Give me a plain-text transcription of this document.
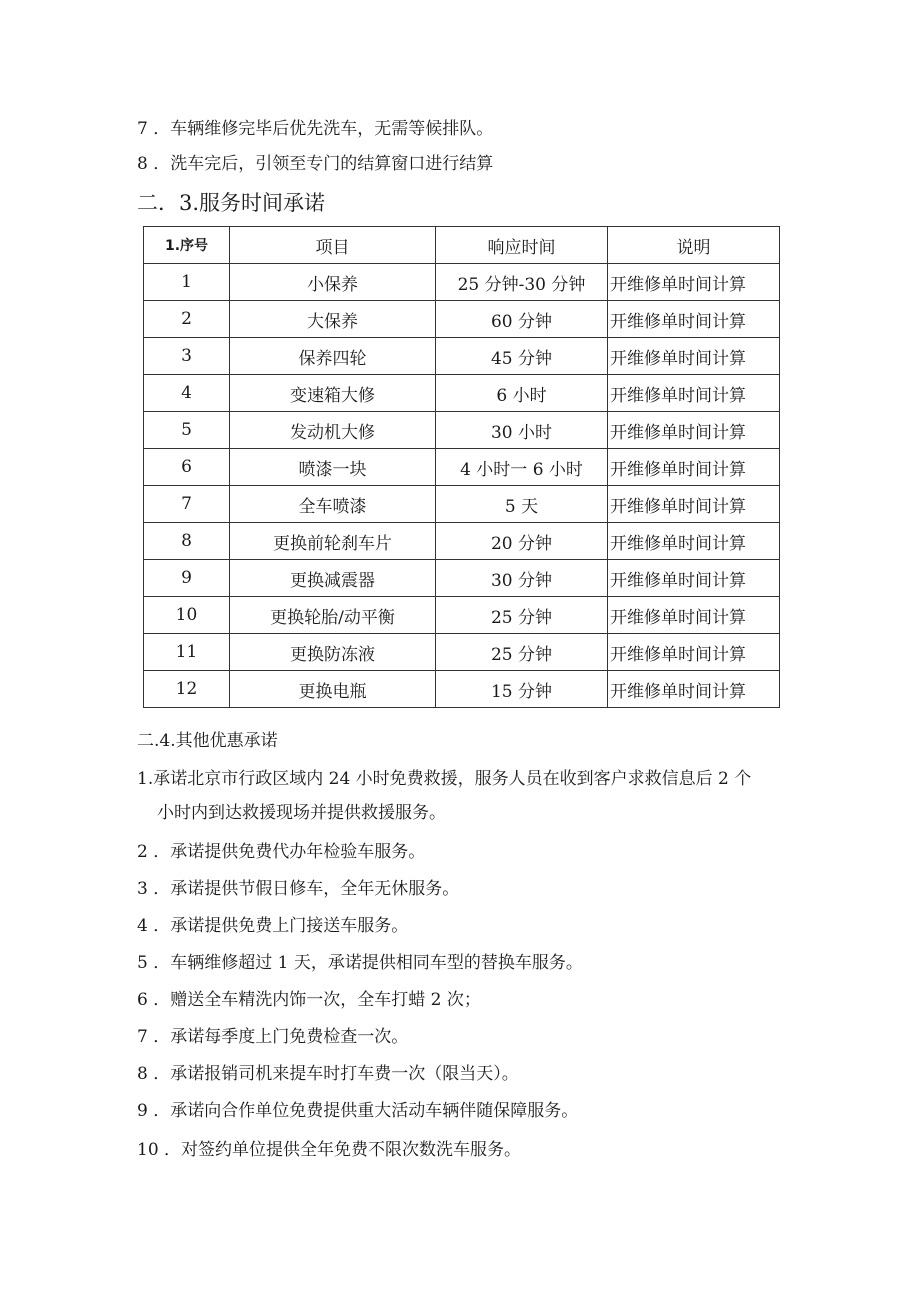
7 ．车辆维修完毕后优先洗车，无需等候排队。
8 ．洗车完后，引领至专门的结算窗口进行结算
二．3.服务时间承诺
1.序号	项目	响应时间	说明
1	小保养	25 分钟-30 分钟	开维修单时间计算
2	大保养	60 分钟	开维修单时间计算
3	保养四轮	45 分钟	开维修单时间计算
4	变速箱大修	6 小时	开维修单时间计算
5	发动机大修	30 小时	开维修单时间计算
6	喷漆一块	4 小时一 6 小时	开维修单时间计算
7	全车喷漆	5 天	开维修单时间计算
8	更换前轮刹车片	20 分钟	开维修单时间计算
9	更换减震器	30 分钟	开维修单时间计算
10	更换轮胎/动平衡	25 分钟	开维修单时间计算
11	更换防冻液	25 分钟	开维修单时间计算
12	更换电瓶	15 分钟	开维修单时间计算
二.4.其他优惠承诺
1.承诺北京市行政区域内 24 小时免费救援，服务人员在收到客户求救信息后 2 个
小时内到达救援现场并提供救援服务。
2 ．承诺提供免费代办年检验车服务。
3 ．承诺提供节假日修车，全年无休服务。
4 ．承诺提供免费上门接送车服务。
5 ．车辆维修超过 1 天，承诺提供相同车型的替换车服务。
6 ．赠送全车精洗内饰一次，全车打蜡 2 次；
7 ．承诺每季度上门免费检查一次。
8 ．承诺报销司机来提车时打车费一次（限当天）。
9 ．承诺向合作单位免费提供重大活动车辆伴随保障服务。
10 ．对签约单位提供全年免费不限次数洗车服务。
